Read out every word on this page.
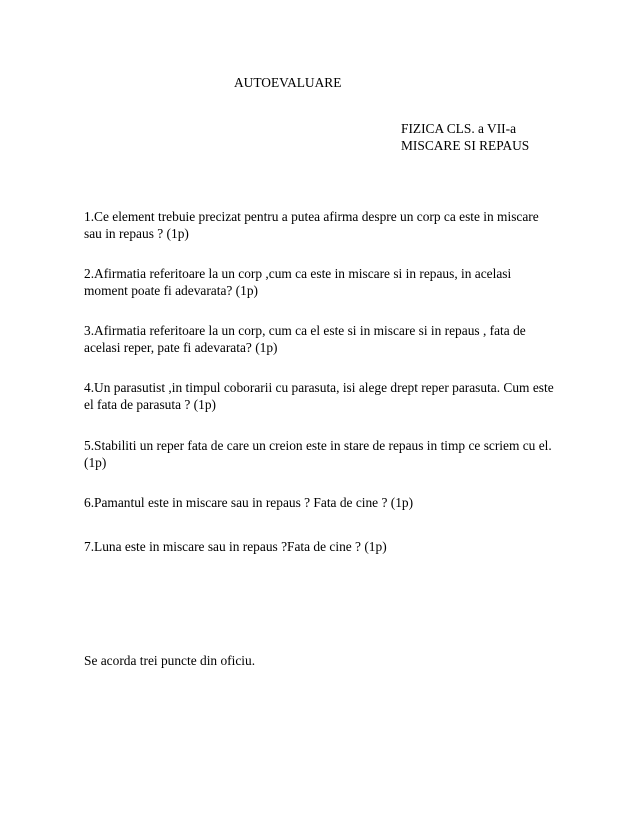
AUTOEVALUARE
FIZICA CLS. a VII-a
MISCARE SI REPAUS
1.Ce element trebuie precizat pentru a putea afirma despre un corp ca este in miscare sau in repaus ? (1p)
2.Afirmatia referitoare la un corp ,cum ca este in miscare si in repaus, in acelasi moment poate fi adevarata? (1p)
3.Afirmatia referitoare la un corp, cum ca el este si in miscare si in repaus , fata de acelasi reper, pate fi adevarata? (1p)
4.Un parasutist ,in timpul coborarii cu parasuta, isi alege drept reper parasuta. Cum este el fata de parasuta ? (1p)
5.Stabiliti un reper fata de care un creion este in stare de repaus in timp ce scriem cu el. (1p)
6.Pamantul este in miscare sau in repaus ? Fata de cine ? (1p)
7.Luna este in miscare sau in repaus ?Fata de cine ? (1p)
Se acorda trei puncte din oficiu.
